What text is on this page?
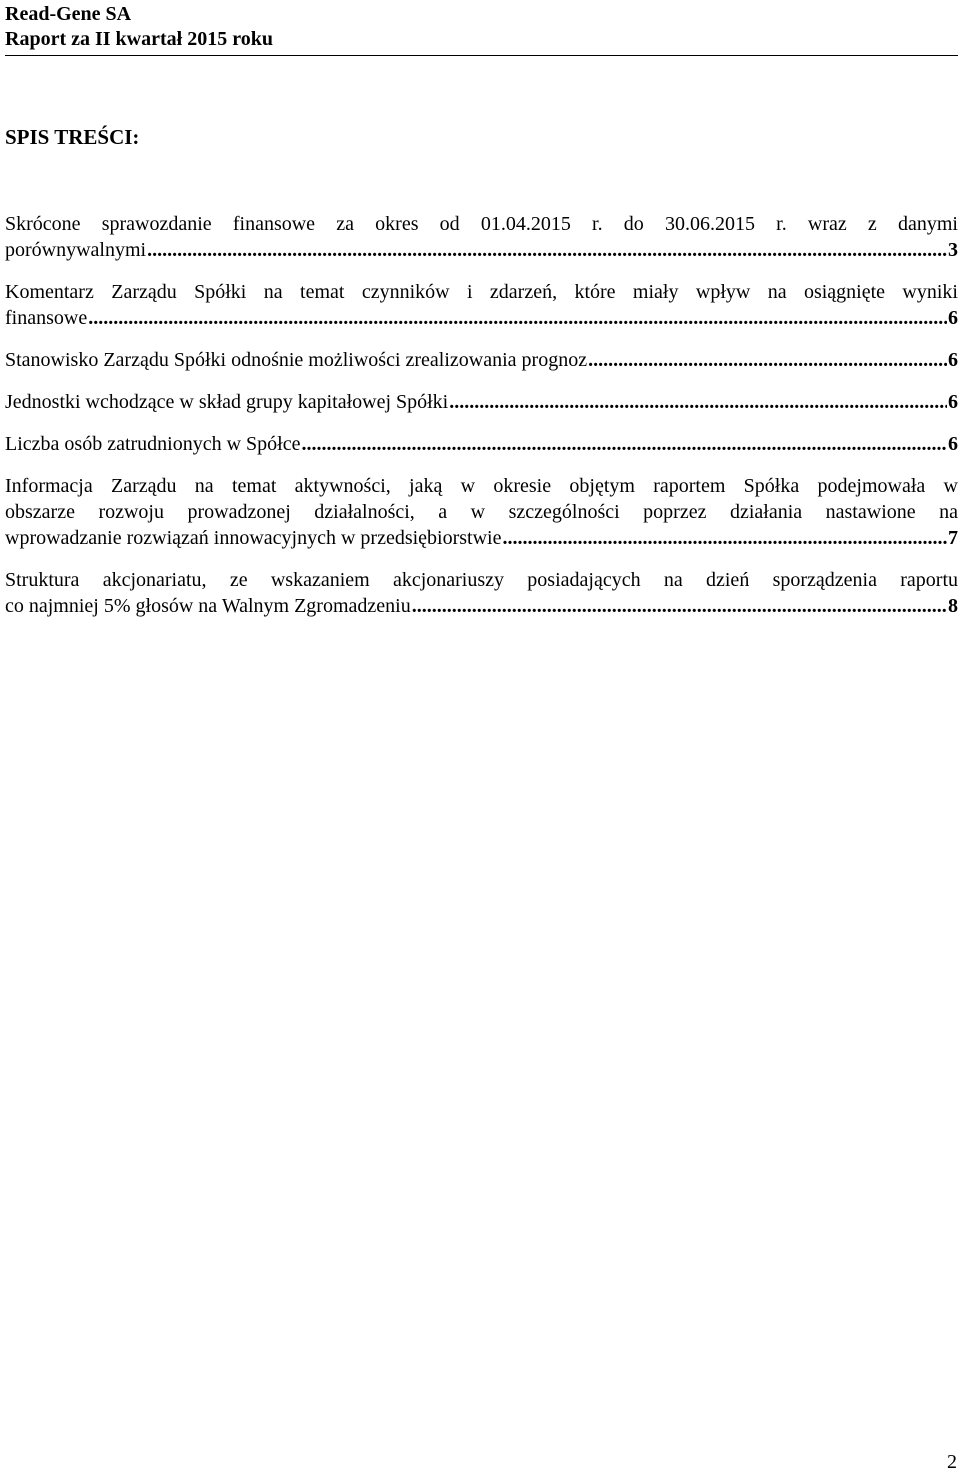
Read-Gene SA
Raport za II kwartał 2015 roku
SPIS TREŚCI:
Skrócone sprawozdanie finansowe za okres od 01.04.2015 r. do 30.06.2015 r. wraz z danymi
porównywalnymi .....	3
Komentarz Zarządu Spółki na temat czynników i zdarzeń, które miały wpływ na osiągnięte wyniki
finansowe .....	6
Stanowisko Zarządu Spółki odnośnie możliwości zrealizowania prognoz .....	6
Jednostki wchodzące w skład grupy kapitałowej Spółki .....	6
Liczba osób zatrudnionych w Spółce .....	6
Informacja Zarządu na temat aktywności, jaką w okresie objętym raportem Spółka podejmowała w
obszarze rozwoju prowadzonej działalności, a w szczególności poprzez działania nastawione na
wprowadzanie rozwiązań innowacyjnych w przedsiębiorstwie .....	7
Struktura akcjonariatu, ze wskazaniem akcjonariuszy posiadających na dzień sporządzenia raportu
co najmniej 5% głosów na Walnym Zgromadzeniu .....	8
2
